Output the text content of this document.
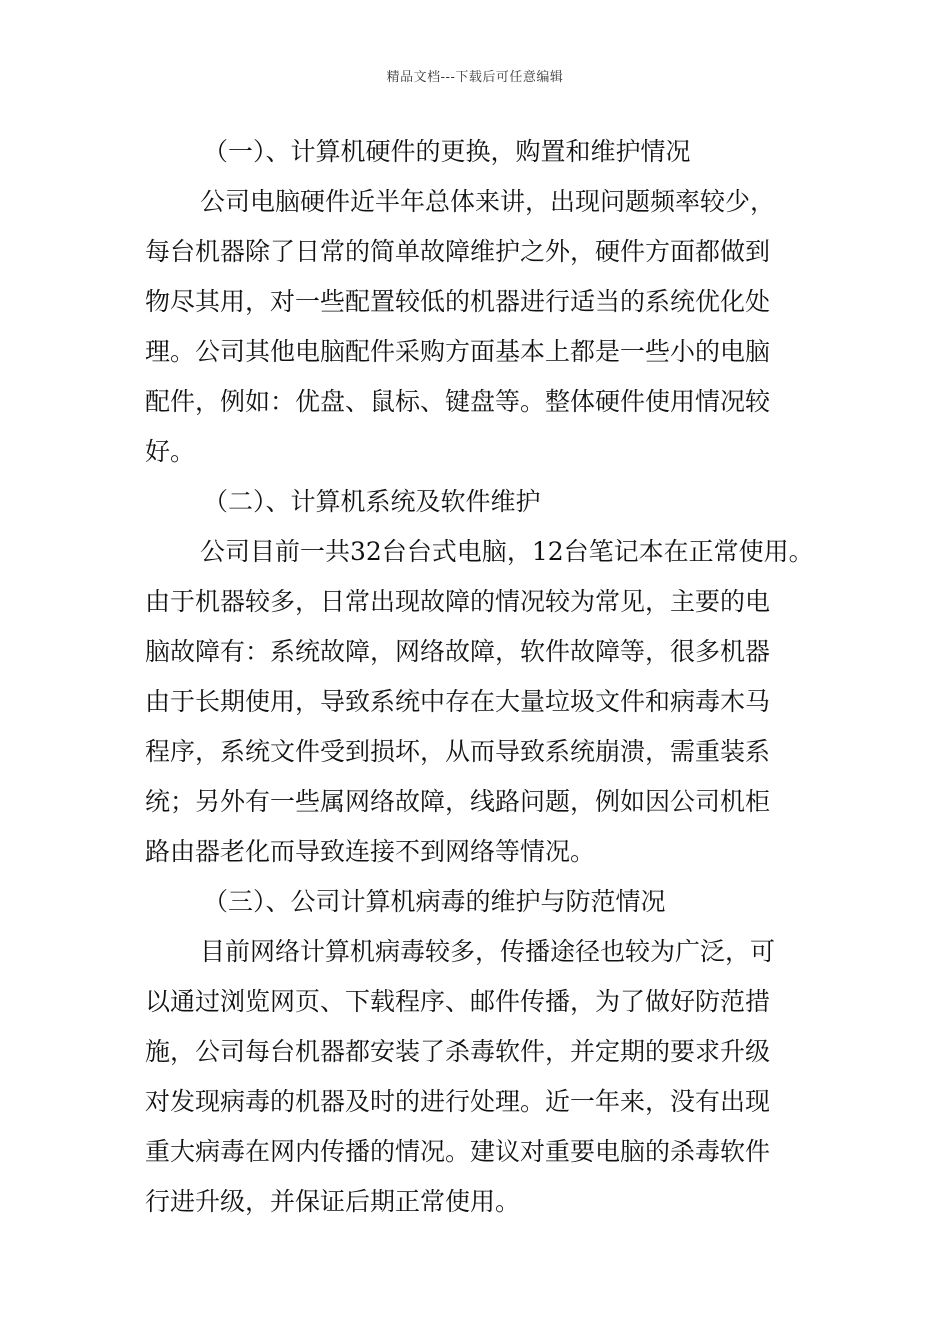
精品文档---下载后可任意编辑
（一）、计算机硬件的更换，购置和维护情况
公司电脑硬件近半年总体来讲，出现问题频率较少，
每台机器除了日常的简单故障维护之外，硬件方面都做到
物尽其用，对一些配置较低的机器进行适当的系统优化处
理。公司其他电脑配件采购方面基本上都是一些小的电脑
配件，例如：优盘、鼠标、键盘等。整体硬件使用情况较
好。
（二）、计算机系统及软件维护
公司目前一共32台台式电脑，12台笔记本在正常使用。
由于机器较多，日常出现故障的情况较为常见，主要的电
脑故障有：系统故障，网络故障，软件故障等，很多机器
由于长期使用，导致系统中存在大量垃圾文件和病毒木马
程序，系统文件受到损坏，从而导致系统崩溃，需重装系
统；另外有一些属网络故障，线路问题，例如因公司机柜
路由器老化而导致连接不到网络等情况。
（三）、公司计算机病毒的维护与防范情况
目前网络计算机病毒较多，传播途径也较为广泛，可
以通过浏览网页、下载程序、邮件传播，为了做好防范措
施，公司每台机器都安装了杀毒软件，并定期的要求升级
对发现病毒的机器及时的进行处理。近一年来，没有出现
重大病毒在网内传播的情况。建议对重要电脑的杀毒软件
行进升级，并保证后期正常使用。
